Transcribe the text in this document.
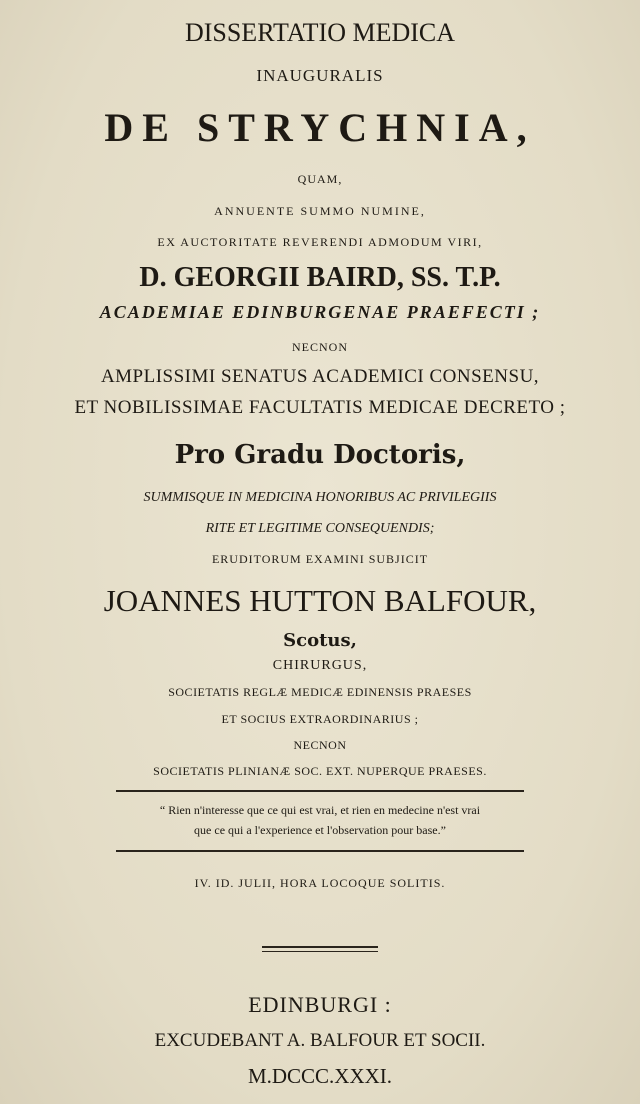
DISSERTATIO MEDICA
INAUGURALIS
DE STRYCHNIA,
QUAM,
ANNUENTE SUMMO NUMINE,
EX AUCTORITATE REVERENDI ADMODUM VIRI,
D. GEORGII BAIRD, SS. T.P.
ACADEMIAE EDINBURGENAE PRAEFECTI ;
NECNON
AMPLISSIMI SENATUS ACADEMICI CONSENSU,
ET NOBILISSIMAE FACULTATIS MEDICAE DECRETO ;
Pro Gradu Doctoris,
SUMMISQUE IN MEDICINA HONORIBUS AC PRIVILEGIIS
RITE ET LEGITIME CONSEQUENDIS;
ERUDITORUM EXAMINI SUBJICIT
JOANNES HUTTON BALFOUR,
Scotus,
CHIRURGUS,
SOCIETATIS REGLÆ MEDICÆ EDINENSIS PRAESES
ET SOCIUS EXTRAORDINARIUS ;
NECNON
SOCIETATIS PLINIANÆ SOC. EXT. NUPERQUE PRAESES.
“ Rien n'interesse que ce qui est vrai, et rien en medecine n'est vrai
que ce qui a l'experience et l'observation pour base.”
IV. ID. JULII, HORA LOCOQUE SOLITIS.
EDINBURGI :
EXCUDEBANT A. BALFOUR ET SOCII.
M.DCCC.XXXI.
